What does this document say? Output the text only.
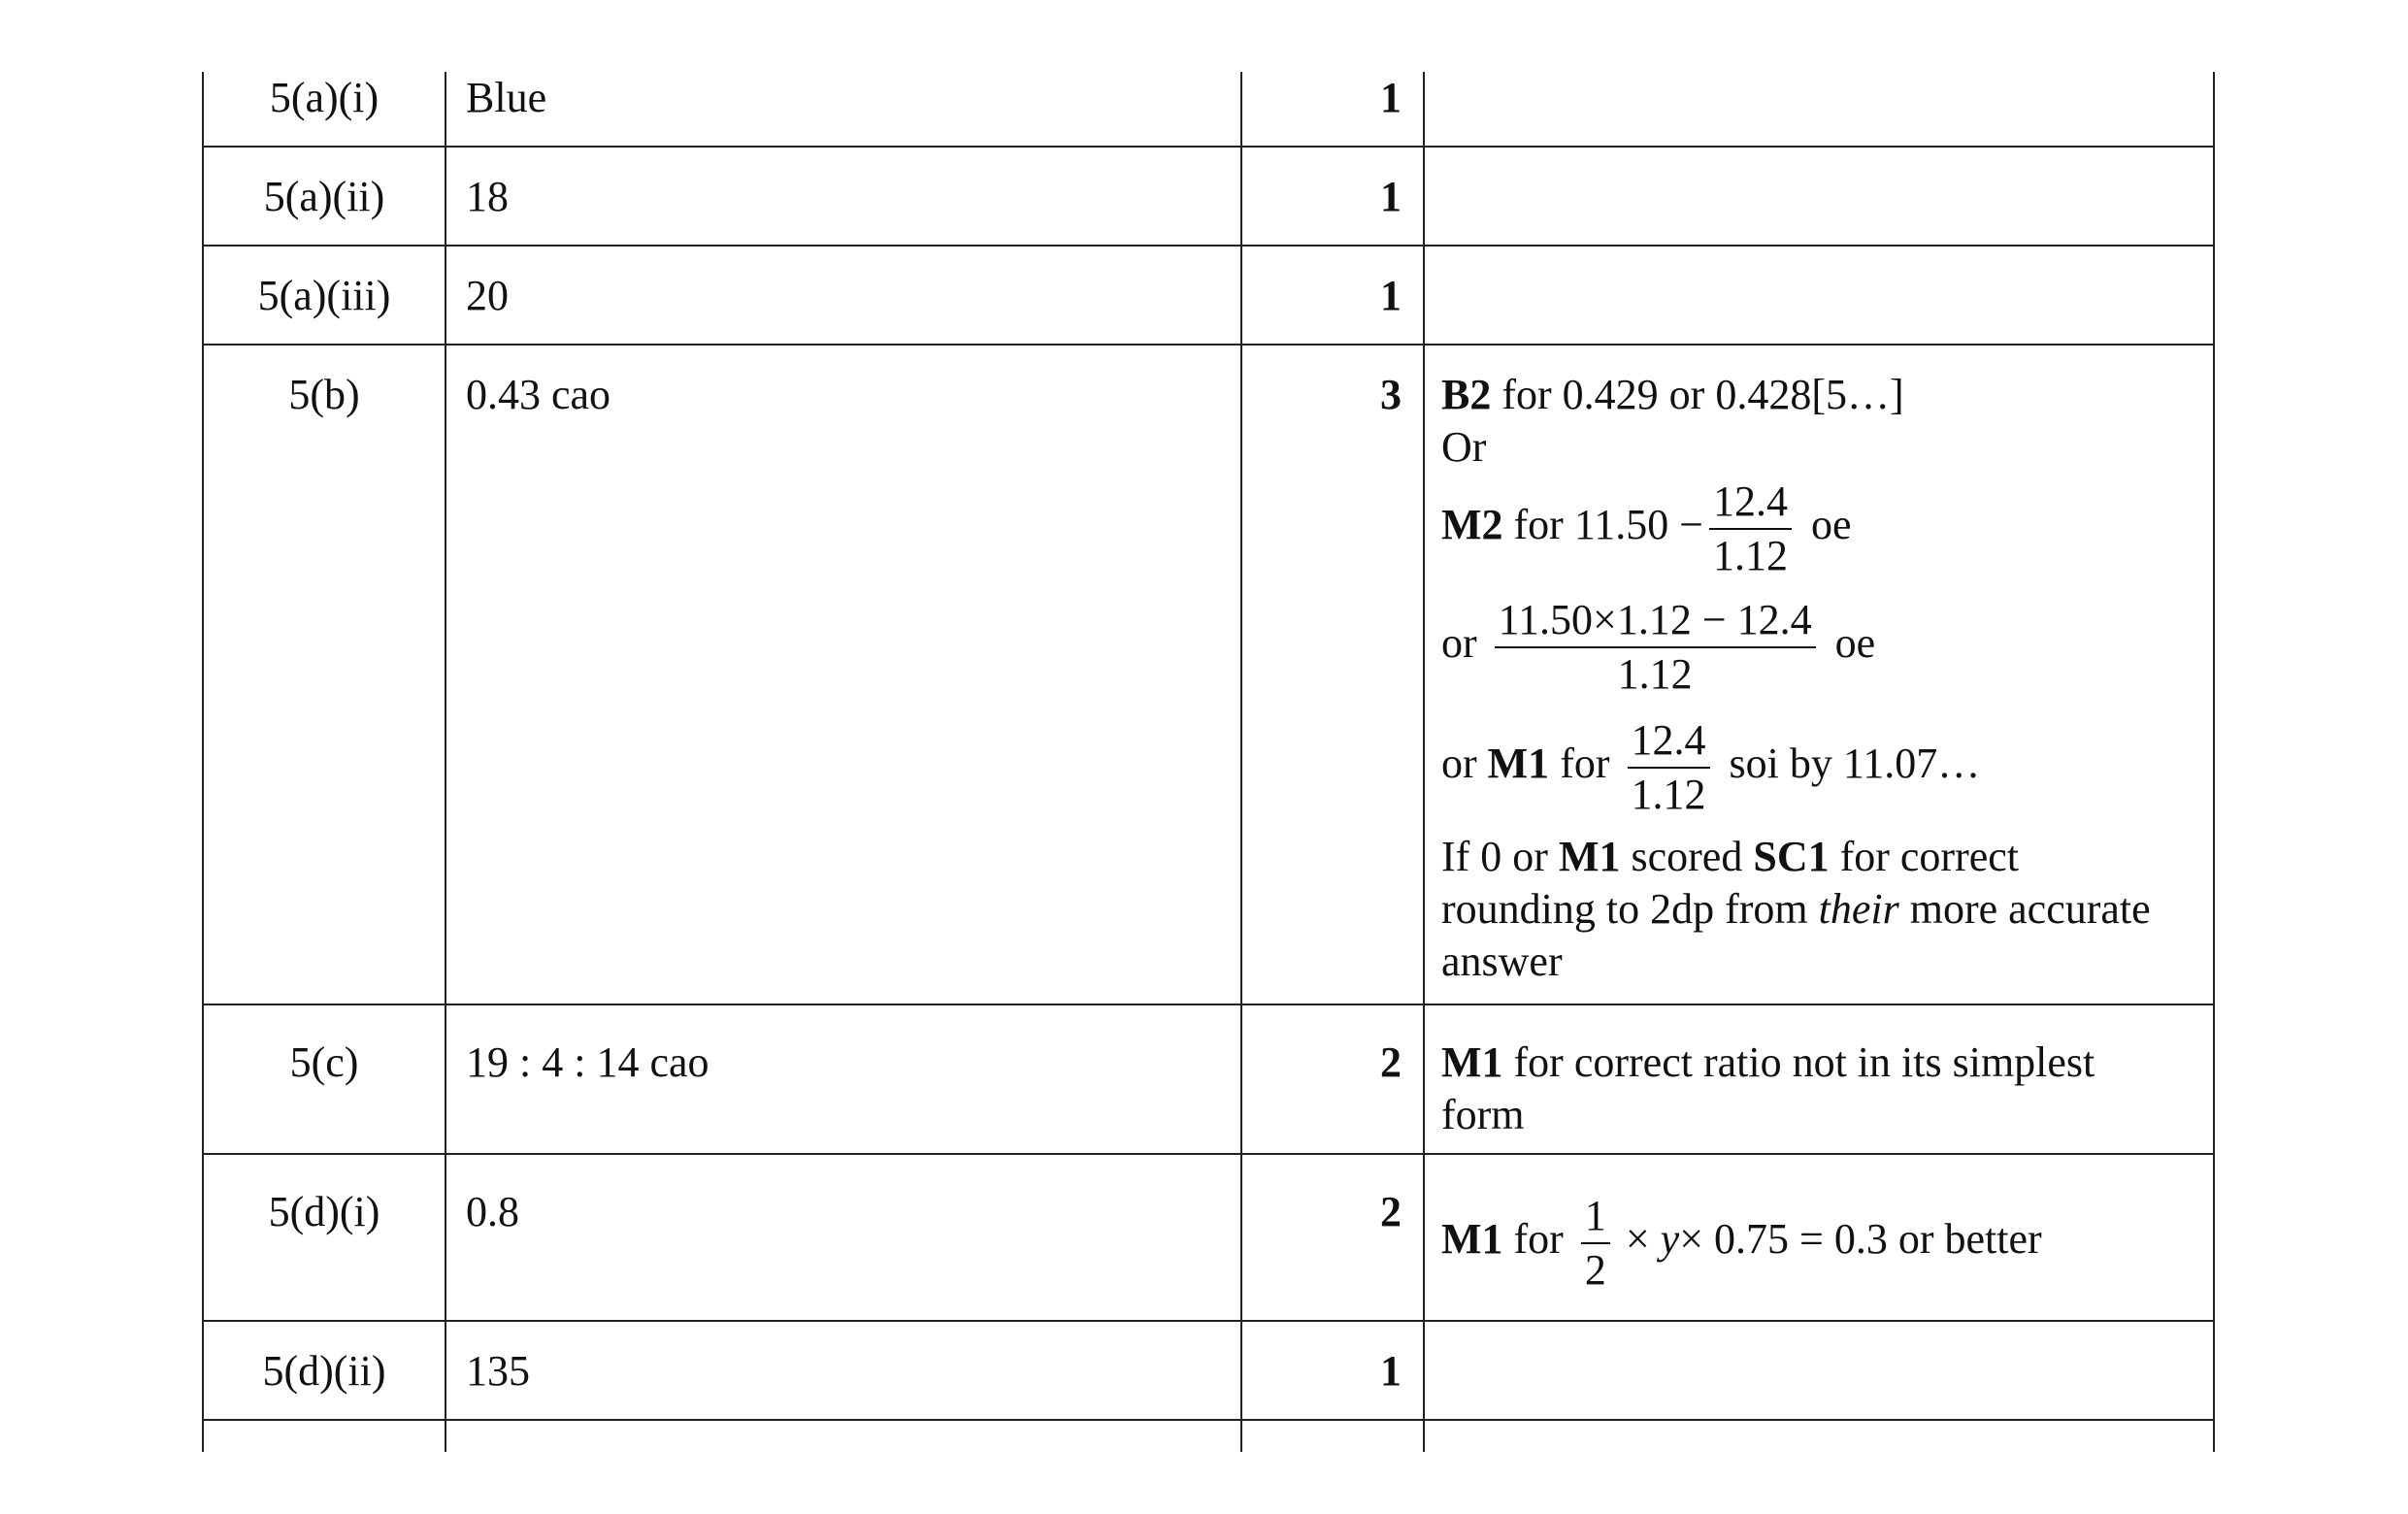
5(a)(i)	Blue	1
5(a)(ii)	18	1
5(a)(iii)	20	1
5(b)	0.43 cao	3 B2 for 0.429 or 0.428[5…]
Or
M2 for $11.50 - \frac{12.4}{1.12}$ oe
or $\frac{11.50\times 1.12 - 12.4}{1.12}$ oe
or M1 for $\frac{12.4}{1.12}$ soi by 11.07…
If 0 or M1 scored SC1 for correct
rounding to 2dp from their more accurate
answer
5(c)	19 : 4 : 14 cao	2 M1 for correct ratio not in its simplest
form
5(d)(i)	0.8	2
M1 for $\frac{1}{2} \times y\times 0.75 = 0.3$ or better
5(d)(ii)	135	1
